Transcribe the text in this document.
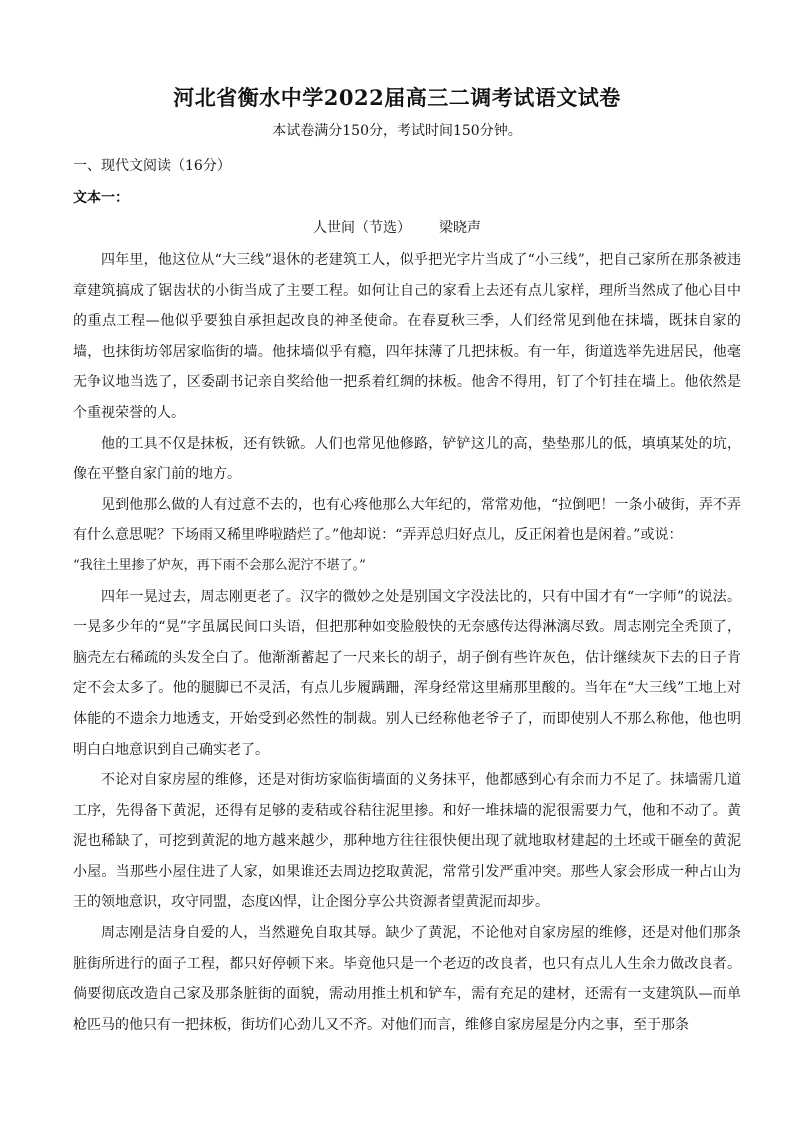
河北省衡水中学2022届高三二调考试语文试卷
本试卷满分150分，考试时间150分钟。
一、现代文阅读（16分）
文本一：
人世间（节选） 梁晓声

四年里，他这位从“大三线”退休的老建筑工人，似乎把光字片当成了“小三线”，把自己家所在那条被违章建筑搞成了锯齿状的小街当成了主要工程。如何让自己的家看上去还有点儿家样，理所当然成了他心目中的重点工程—他似乎要独自承担起改良的神圣使命。在春夏秋三季，人们经常见到他在抹墙，既抹自家的墙，也抹街坊邻居家临街的墙。他抹墙似乎有瘾，四年抹薄了几把抹板。有一年，街道选举先进居民，他毫无争议地当选了，区委副书记亲自奖给他一把系着红绸的抹板。他舍不得用，钉了个钉挂在墙上。他依然是个重视荣誉的人。

他的工具不仅是抹板，还有铁锨。人们也常见他修路，铲铲这儿的高，垫垫那儿的低，填填某处的坑，像在平整自家门前的地方。

见到他那么做的人有过意不去的，也有心疼他那么大年纪的，常常劝他，“拉倒吧！一条小破街，弄不弄有什么意思呢？下场雨又稀里哗啦踏烂了。”他却说：“弄弄总归好点儿，反正闲着也是闲着。”或说：

“我往土里掺了炉灰，再下雨不会那么泥泞不堪了。”

四年一晃过去，周志刚更老了。汉字的微妙之处是别国文字没法比的，只有中国才有“一字师”的说法。一晃多少年的“晃”字虽属民间口头语，但把那种如变脸般快的无奈感传达得淋漓尽致。周志刚完全秃顶了，脑壳左右稀疏的头发全白了。他渐渐蓄起了一尺来长的胡子，胡子倒有些许灰色，估计继续灰下去的日子肯定不会太多了。他的腿脚已不灵活，有点儿步履蹒跚，浑身经常这里痛那里酸的。当年在“大三线”工地上对体能的不遗余力地透支，开始受到必然性的制裁。别人已经称他老爷子了，而即使别人不那么称他，他也明明白白地意识到自己确实老了。

不论对自家房屋的维修，还是对街坊家临街墙面的义务抹平，他都感到心有余而力不足了。抹墙需几道工序，先得备下黄泥，还得有足够的麦秸或谷秸往泥里掺。和好一堆抹墙的泥很需要力气，他和不动了。黄泥也稀缺了，可挖到黄泥的地方越来越少，那种地方往往很快便出现了就地取材建起的土坯或干砸垒的黄泥小屋。当那些小屋住进了人家，如果谁还去周边挖取黄泥，常常引发严重冲突。那些人家会形成一种占山为王的领地意识，攻守同盟，态度凶悍，让企图分享公共资源者望黄泥而却步。

周志刚是洁身自爱的人，当然避免自取其辱。缺少了黄泥，不论他对自家房屋的维修，还是对他们那条脏街所进行的面子工程，都只好停顿下来。毕竟他只是一个老迈的改良者，也只有点儿人生余力做改良者。倘要彻底改造自己家及那条脏街的面貌，需动用推土机和铲车，需有充足的建材，还需有一支建筑队—而单枪匹马的他只有一把抹板，街坊们心劲儿又不齐。对他们而言，维修自家房屋是分内之事，至于那条
